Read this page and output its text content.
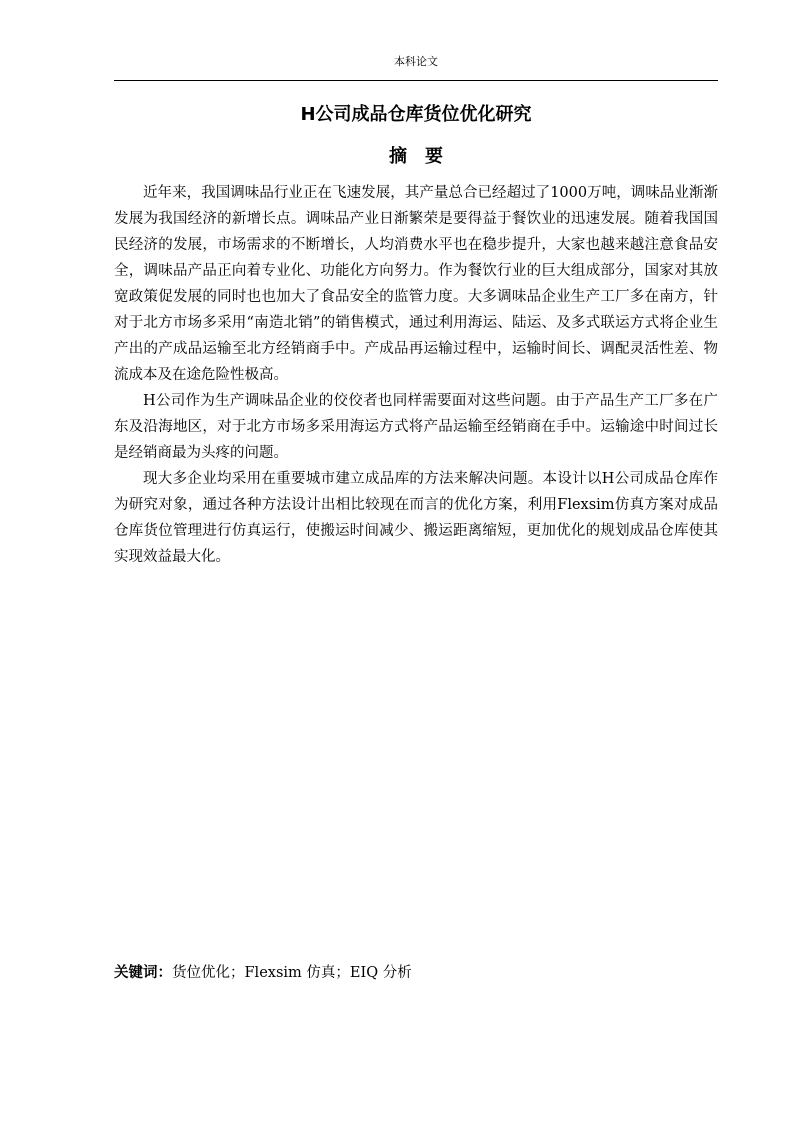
本科论文
H公司成品仓库货位优化研究
摘要

近年来，我国调味品行业正在飞速发展，其产量总合已经超过了1000万吨，调味品业渐渐发展为我国经济的新增长点。调味品产业日渐繁荣是要得益于餐饮业的迅速发展。随着我国国民经济的发展，市场需求的不断增长，人均消费水平也在稳步提升，大家也越来越注意食品安全，调味品产品正向着专业化、功能化方向努力。作为餐饮行业的巨大组成部分，国家对其放宽政策促发展的同时也也加大了食品安全的监管力度。大多调味品企业生产工厂多在南方，针对于北方市场多采用“南造北销”的销售模式，通过利用海运、陆运、及多式联运方式将企业生产出的产成品运输至北方经销商手中。产成品再运输过程中，运输时间长、调配灵活性差、物流成本及在途危险性极高。

H公司作为生产调味品企业的佼佼者也同样需要面对这些问题。由于产品生产工厂多在广东及沿海地区，对于北方市场多采用海运方式将产品运输至经销商在手中。运输途中时间过长是经销商最为头疼的问题。

现大多企业均采用在重要城市建立成品库的方法来解决问题。本设计以H公司成品仓库作为研究对象，通过各种方法设计出相比较现在而言的优化方案，利用Flexsim仿真方案对成品仓库货位管理进行仿真运行，使搬运时间减少、搬运距离缩短，更加优化的规划成品仓库使其实现效益最大化。

关键词：货位优化；Flexsim 仿真；EIQ 分析
